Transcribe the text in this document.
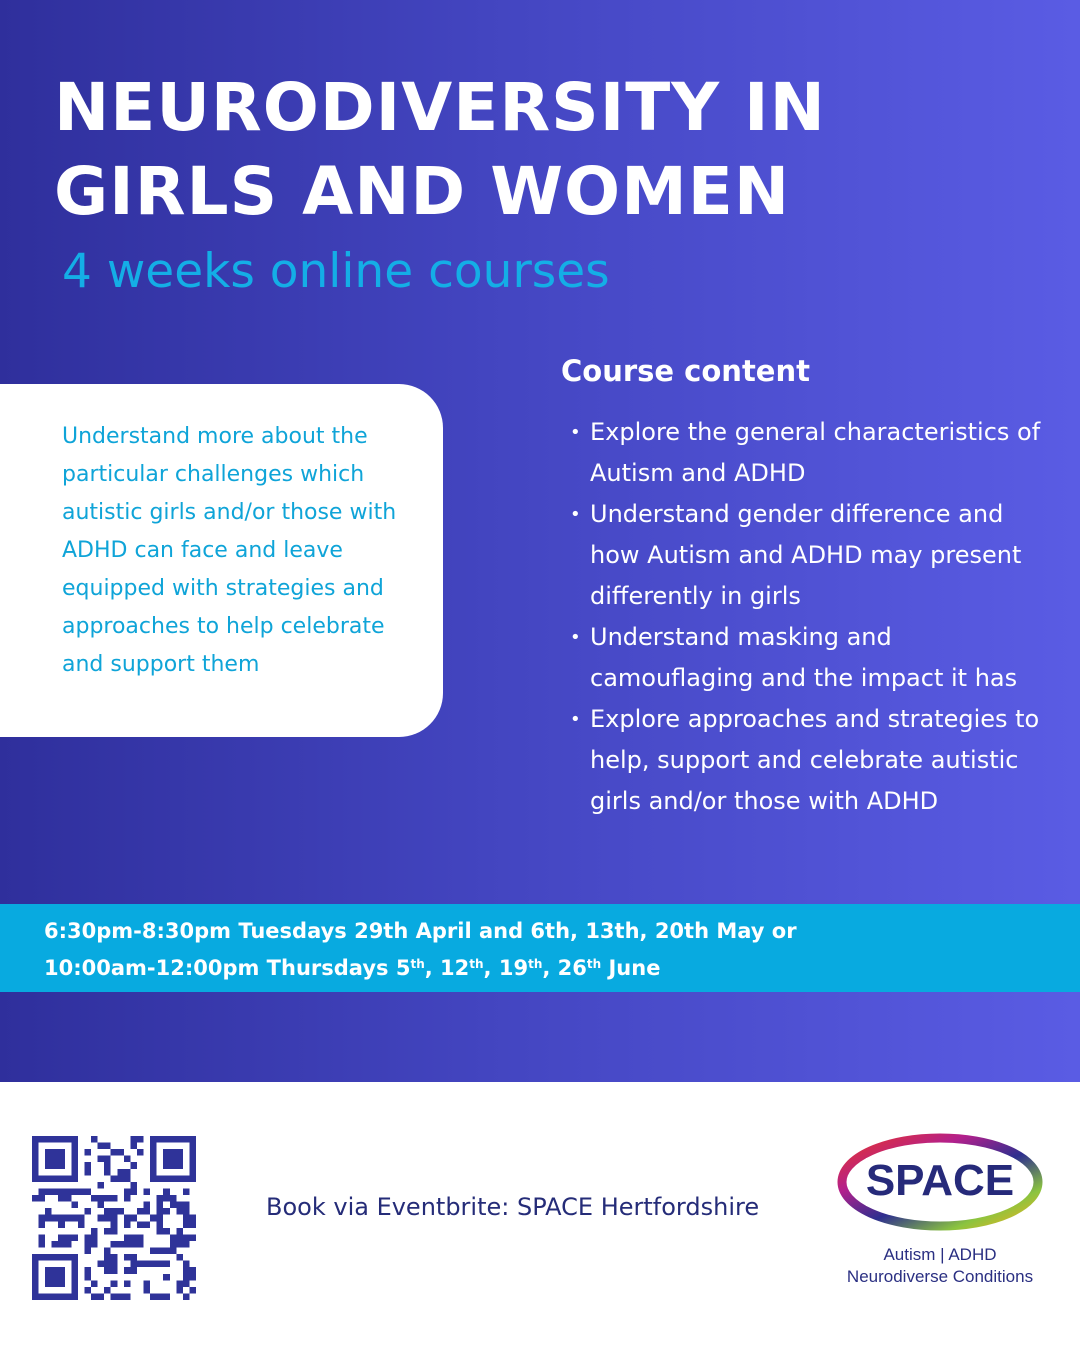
NEURODIVERSITY IN
GIRLS AND WOMEN
4 weeks online courses

Understand more about the particular challenges which autistic girls and/or those with ADHD can face and leave equipped with strategies and approaches to help celebrate and support them

Course content
• Explore the general characteristics of Autism and ADHD
• Understand gender difference and how Autism and ADHD may present differently in girls
• Understand masking and camouflaging and the impact it has
• Explore approaches and strategies to help, support and celebrate autistic girls and/or those with ADHD
6:30pm-8:30pm Tuesdays 29th April and 6th, 13th, 20th May or
10:00am-12:00pm Thursdays 5th, 12th, 19th, 26th June
Book via Eventbrite: SPACE Hertfordshire
SPACE
Autism | ADHD
Neurodiverse Conditions
